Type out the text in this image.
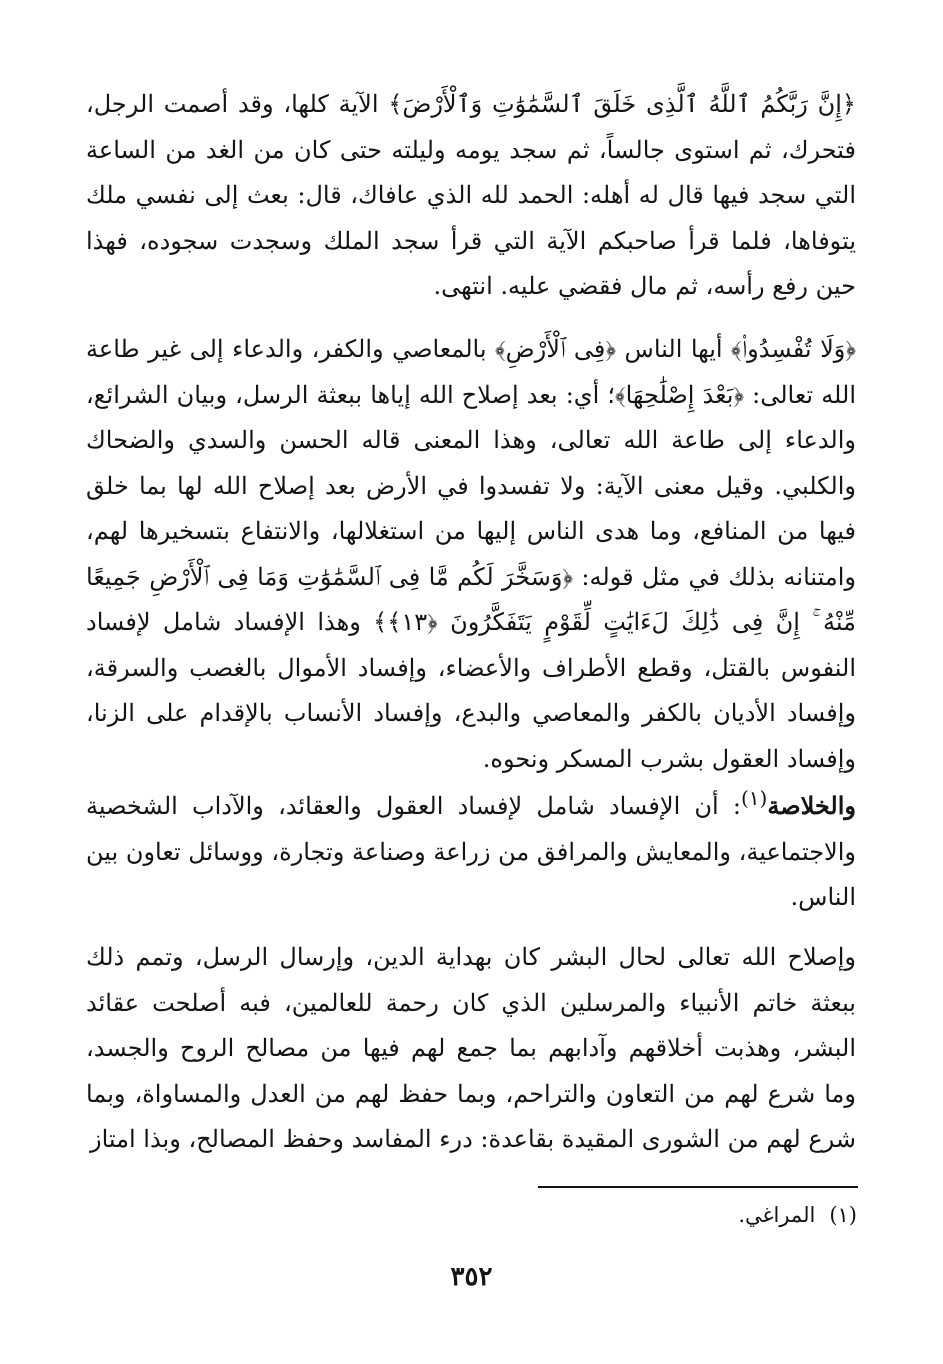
﴿إِنَّ رَبَّكُمُ ٱللَّهُ ٱلَّذِى خَلَقَ ٱلسَّمَٰوَٰتِ وَٱلْأَرْضَ﴾ الآية كلها، وقد أصمت الرجل، فتحرك، ثم استوى جالساً، ثم سجد يومه وليلته حتى كان من الغد من الساعة التي سجد فيها قال له أهله: الحمد لله الذي عافاك، قال: بعث إلى نفسي ملك يتوفاها، فلما قرأ صاحبكم الآية التي قرأ سجد الملك وسجدت سجوده، فهذا حين رفع رأسه، ثم مال فقضي عليه. انتهى.

﴿وَلَا تُفْسِدُوا۟﴾ أيها الناس ﴿فِى ٱلْأَرْضِ﴾ بالمعاصي والكفر، والدعاء إلى غير طاعة الله تعالى: ﴿بَعْدَ إِصْلَٰحِهَا﴾؛ أي: بعد إصلاح الله إياها ببعثة الرسل، وبيان الشرائع، والدعاء إلى طاعة الله تعالى، وهذا المعنى قاله الحسن والسدي والضحاك والكلبي. وقيل معنى الآية: ولا تفسدوا في الأرض بعد إصلاح الله لها بما خلق فيها من المنافع، وما هدى الناس إليها من استغلالها، والانتفاع بتسخيرها لهم، وامتنانه بذلك في مثل قوله: ﴿وَسَخَّرَ لَكُم مَّا فِى ٱلسَّمَٰوَٰتِ وَمَا فِى ٱلْأَرْضِ جَمِيعًا مِّنْهُ ۚ إِنَّ فِى ذَٰلِكَ لَءَايَٰتٍ لِّقَوْمٍ يَتَفَكَّرُونَ ﴿١٣﴾﴾ وهذا الإفساد شامل لإفساد النفوس بالقتل، وقطع الأطراف والأعضاء، وإفساد الأموال بالغصب والسرقة، وإفساد الأديان بالكفر والمعاصي والبدع، وإفساد الأنساب بالإقدام على الزنا، وإفساد العقول بشرب المسكر ونحوه.

والخلاصة$^{(١)}$: أن الإفساد شامل لإفساد العقول والعقائد، والآداب الشخصية والاجتماعية، والمعايش والمرافق من زراعة وصناعة وتجارة، ووسائل تعاون بين الناس.

وإصلاح الله تعالى لحال البشر كان بهداية الدين، وإرسال الرسل، وتمم ذلك ببعثة خاتم الأنبياء والمرسلين الذي كان رحمة للعالمين، فبه أصلحت عقائد البشر، وهذبت أخلاقهم وآدابهم بما جمع لهم فيها من مصالح الروح والجسد، وما شرع لهم من التعاون والتراحم، وبما حفظ لهم من العدل والمساواة، وبما شرع لهم من الشورى المقيدة بقاعدة: درء المفاسد وحفظ المصالح، وبذا امتاز

(١)المراغي.

٣٥٢
